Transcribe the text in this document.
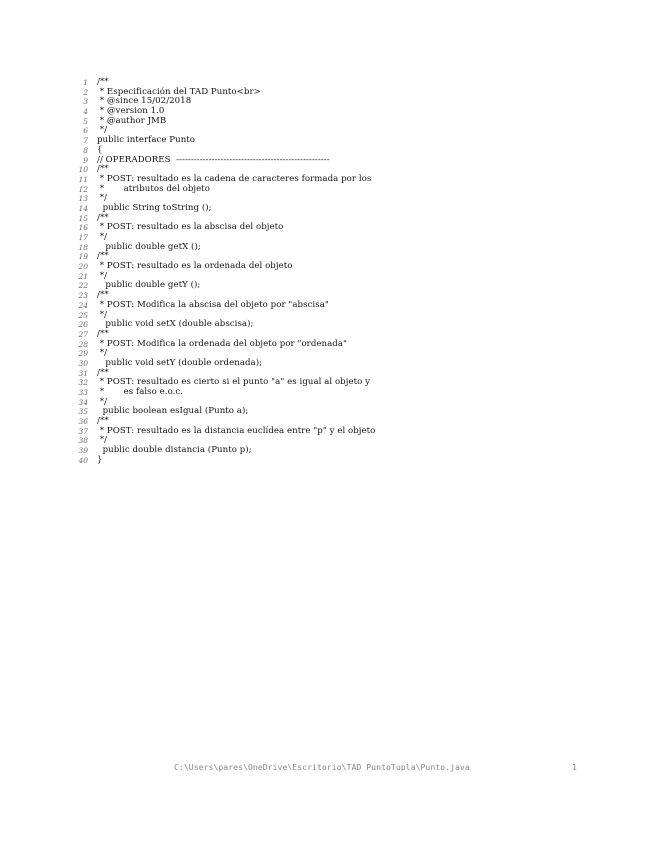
1 /**
2 * Especificación del TAD Punto<br>
3 * @since 15/02/2018
4 * @version 1.0
5 * @author JMB
6 */
7 public interface Punto
8 {
9 // OPERADORES  ----------------------------------------------------
10 /**
11 * POST: resultado es la cadena de caracteres formada por los
12 *       atributos del objeto
13 */
14 public String toString ();
15 /**
16 * POST: resultado es la abscisa del objeto
17 */
18 public double getX ();
19 /**
20 * POST: resultado es la ordenada del objeto
21 */
22 public double getY ();
23 /**
24 * POST: Modifica la abscisa del objeto por "abscisa"
25 */
26 public void setX (double abscisa);
27 /**
28 * POST: Modifica la ordenada del objeto por "ordenada"
29 */
30 public void setY (double ordenada);
31 /**
32 * POST: resultado es cierto si el punto "a" es igual al objeto y
33 *       es falso e.o.c.
34 */
35 public boolean esIgual (Punto a);
36 /**
37 * POST: resultado es la distancia euclídea entre "p" y el objeto
38 */
39 public double distancia (Punto p);
40 }
C:\Users\pares\OneDrive\Escritorio\TAD PuntoTupla\Punto.java	1
